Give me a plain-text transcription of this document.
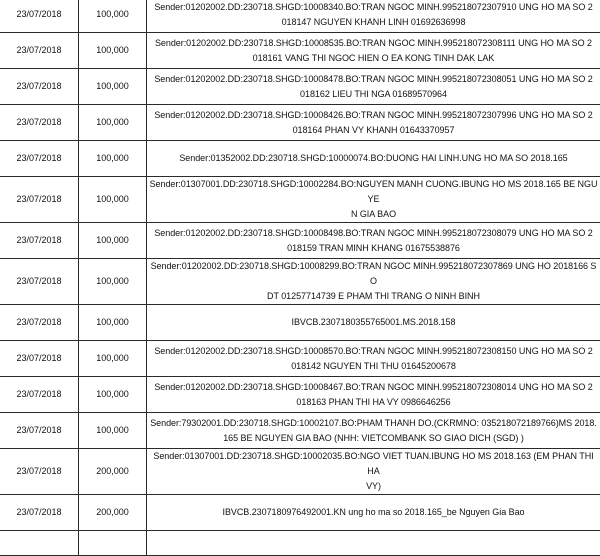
23/07/2018	100,000	Sender:01202002.DD:230718.SHGD:10008340.BO:TRAN NGOC MINH.995218072307910 UNG HO MA SO 2
018147 NGUYEN KHANH LINH 01692636998

23/07/2018	100,000	Sender:01202002.DD:230718.SHGD:10008535.BO:TRAN NGOC MINH.995218072308111 UNG HO MA SO 2
018161 VANG THI NGOC HIEN O EA KONG TINH DAK LAK

23/07/2018	100,000	Sender:01202002.DD:230718.SHGD:10008478.BO:TRAN NGOC MINH.995218072308051 UNG HO MA SO 2
018162 LIEU THI NGA 01689570964

23/07/2018	100,000	Sender:01202002.DD:230718.SHGD:10008426.BO:TRAN NGOC MINH.995218072307996 UNG HO MA SO 2
018164 PHAN VY KHANH 01643370957

23/07/2018	100,000	Sender:01352002.DD:230718.SHGD:10000074.BO:DUONG HAI LINH.UNG HO MA SO 2018.165

23/07/2018	100,000	Sender:01307001.DD:230718.SHGD:10002284.BO:NGUYEN MANH CUONG.IBUNG HO MS 2018.165 BE NGUYE
N GIA BAO

23/07/2018	100,000	Sender:01202002.DD:230718.SHGD:10008498.BO:TRAN NGOC MINH.995218072308079 UNG HO MA SO 2
018159 TRAN MINH KHANG 01675538876

23/07/2018	100,000	Sender:01202002.DD:230718.SHGD:10008299.BO:TRAN NGOC MINH.995218072307869 UNG HO 2018166 SO
DT 01257714739 E PHAM THI TRANG O NINH BINH

23/07/2018	100,000	IBVCB.2307180355765001.MS.2018.158

23/07/2018	100,000	Sender:01202002.DD:230718.SHGD:10008570.BO:TRAN NGOC MINH.995218072308150 UNG HO MA SO 2
018142 NGUYEN THI THU 01645200678

23/07/2018	100,000	Sender:01202002.DD:230718.SHGD:10008467.BO:TRAN NGOC MINH.995218072308014 UNG HO MA SO 2
018163 PHAN THI HA VY 0986646256

23/07/2018	100,000	Sender:79302001.DD:230718.SHGD:10002107.BO:PHAM THANH DO.(CKRMNO: 035218072189766)MS 2018.
165 BE NGUYEN GIA BAO (NHH: VIETCOMBANK SO GIAO DICH (SGD) )

23/07/2018	200,000	Sender:01307001.DD:230718.SHGD:10002035.BO:NGO VIET TUAN.IBUNG HO MS 2018.163 (EM PHAN THI HA
VY)

23/07/2018	200,000	IBVCB.2307180976492001.KN ung ho ma so 2018.165_be Nguyen Gia Bao
